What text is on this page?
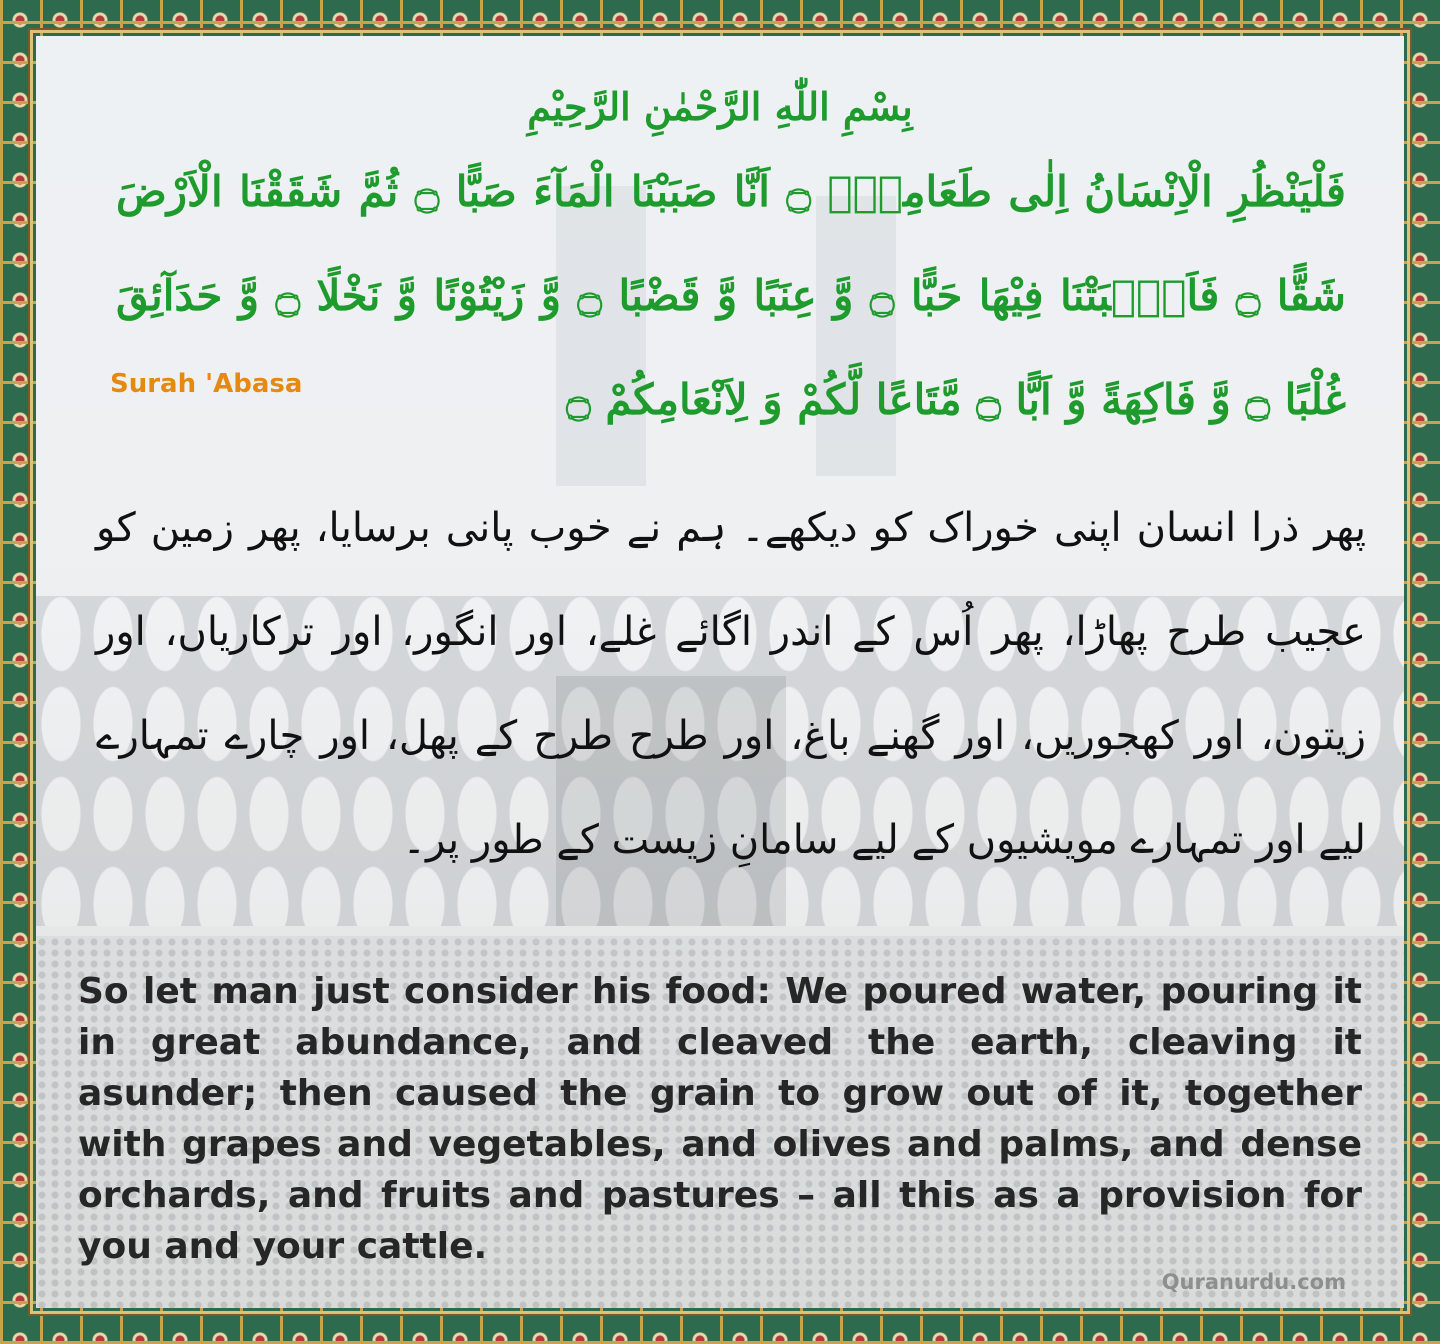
بِسْمِ اللّٰهِ الرَّحْمٰنِ الرَّحِيْمِ
فَلْيَنْظُرِ الْاِنْسَانُ اِلٰى طَعَامِهٖۤ ۝ اَنَّا صَبَبْنَا الْمَآءَ صَبًّا ۝ ثُمَّ شَقَقْنَا الْاَرْضَ شَقًّا ۝ فَاَنْۢبَتْنَا فِيْهَا حَبًّا ۝ وَّ عِنَبًا وَّ قَضْبًا ۝ وَّ زَيْتُوْنًا وَّ نَخْلًا ۝ وَّ حَدَآئِقَ غُلْبًا ۝ وَّ فَاكِهَةً وَّ اَبًّا ۝ مَّتَاعًا لَّكُمْ وَ لِاَنْعَامِكُمْ ۝
Surah 'Abasa
پھر ذرا انسان اپنی خوراک کو دیکھے۔ ہم نے خوب پانی برسایا، پھر زمین کو عجیب طرح پھاڑا، پھر اُس کے اندر اگائے غلے، اور انگور، اور ترکاریاں، اور زیتون، اور کھجوریں، اور گھنے باغ، اور طرح طرح کے پھل، اور چارے تمہارے لیے اور تمہارے مویشیوں کے لیے سامانِ زیست کے طور پر۔
So let man just consider his food: We poured water, pouring it in great abundance, and cleaved the earth, cleaving it asunder; then caused the grain to grow out of it, together with grapes and vegetables, and olives and palms, and dense orchards, and fruits and pastures – all this as a provision for you and your cattle.
Quranurdu.com
